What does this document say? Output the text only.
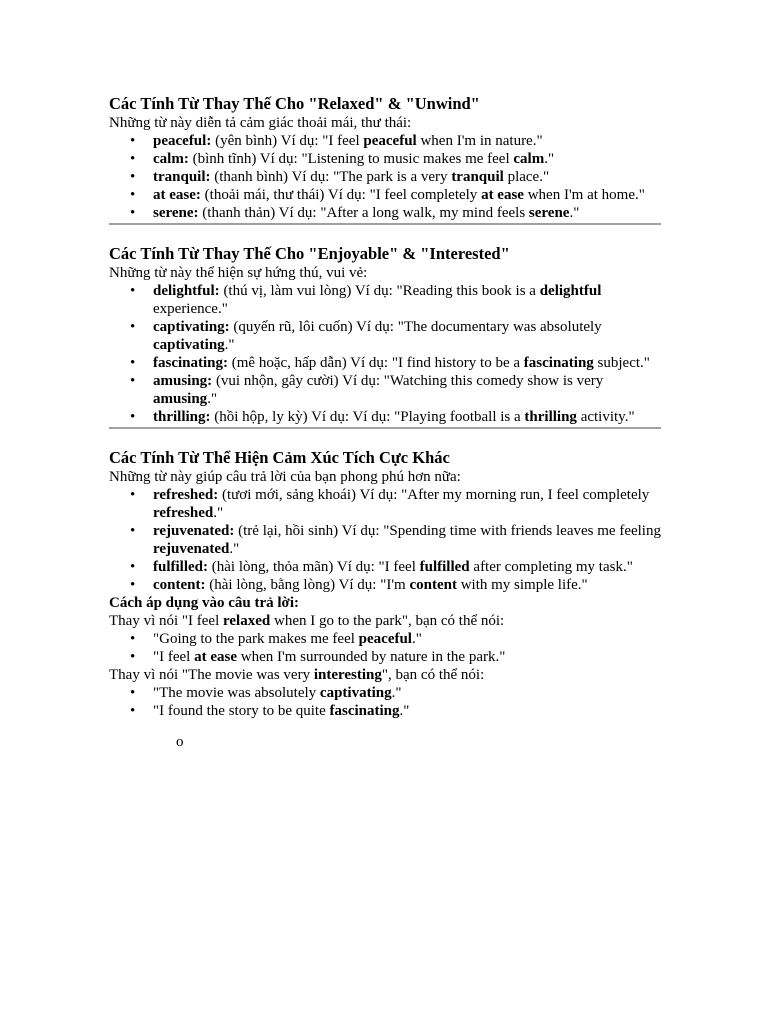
Các Tính Từ Thay Thế Cho "Relaxed" & "Unwind"

Những từ này diễn tả cảm giác thoải mái, thư thái:

• peaceful: (yên bình) Ví dụ: "I feel peaceful when I'm in nature."
• calm: (bình tĩnh) Ví dụ: "Listening to music makes me feel calm."
• tranquil: (thanh bình) Ví dụ: "The park is a very tranquil place."
• at ease: (thoải mái, thư thái) Ví dụ: "I feel completely at ease when I'm at home."
• serene: (thanh thản) Ví dụ: "After a long walk, my mind feels serene."
Các Tính Từ Thay Thế Cho "Enjoyable" & "Interested"

Những từ này thể hiện sự hứng thú, vui vẻ:

• delightful: (thú vị, làm vui lòng) Ví dụ: "Reading this book is a delightful experience."
• captivating: (quyến rũ, lôi cuốn) Ví dụ: "The documentary was absolutely captivating."
• fascinating: (mê hoặc, hấp dẫn) Ví dụ: "I find history to be a fascinating subject."
• amusing: (vui nhộn, gây cười) Ví dụ: "Watching this comedy show is very amusing."
• thrilling: (hồi hộp, ly kỳ) Ví dụ: Ví dụ: "Playing football is a thrilling activity."
Các Tính Từ Thể Hiện Cảm Xúc Tích Cực Khác

Những từ này giúp câu trả lời của bạn phong phú hơn nữa:

• refreshed: (tươi mới, sảng khoái) Ví dụ: "After my morning run, I feel completely refreshed."
• rejuvenated: (trẻ lại, hồi sinh) Ví dụ: "Spending time with friends leaves me feeling rejuvenated."
• fulfilled: (hài lòng, thỏa mãn) Ví dụ: "I feel fulfilled after completing my task."
• content: (hài lòng, bằng lòng) Ví dụ: "I'm content with my simple life."

Cách áp dụng vào câu trả lời:

Thay vì nói "I feel relaxed when I go to the park", bạn có thể nói:

• "Going to the park makes me feel peaceful."
• "I feel at ease when I'm surrounded by nature in the park."

Thay vì nói "The movie was very interesting", bạn có thể nói:

• "The movie was absolutely captivating."
• "I found the story to be quite fascinating."
o
